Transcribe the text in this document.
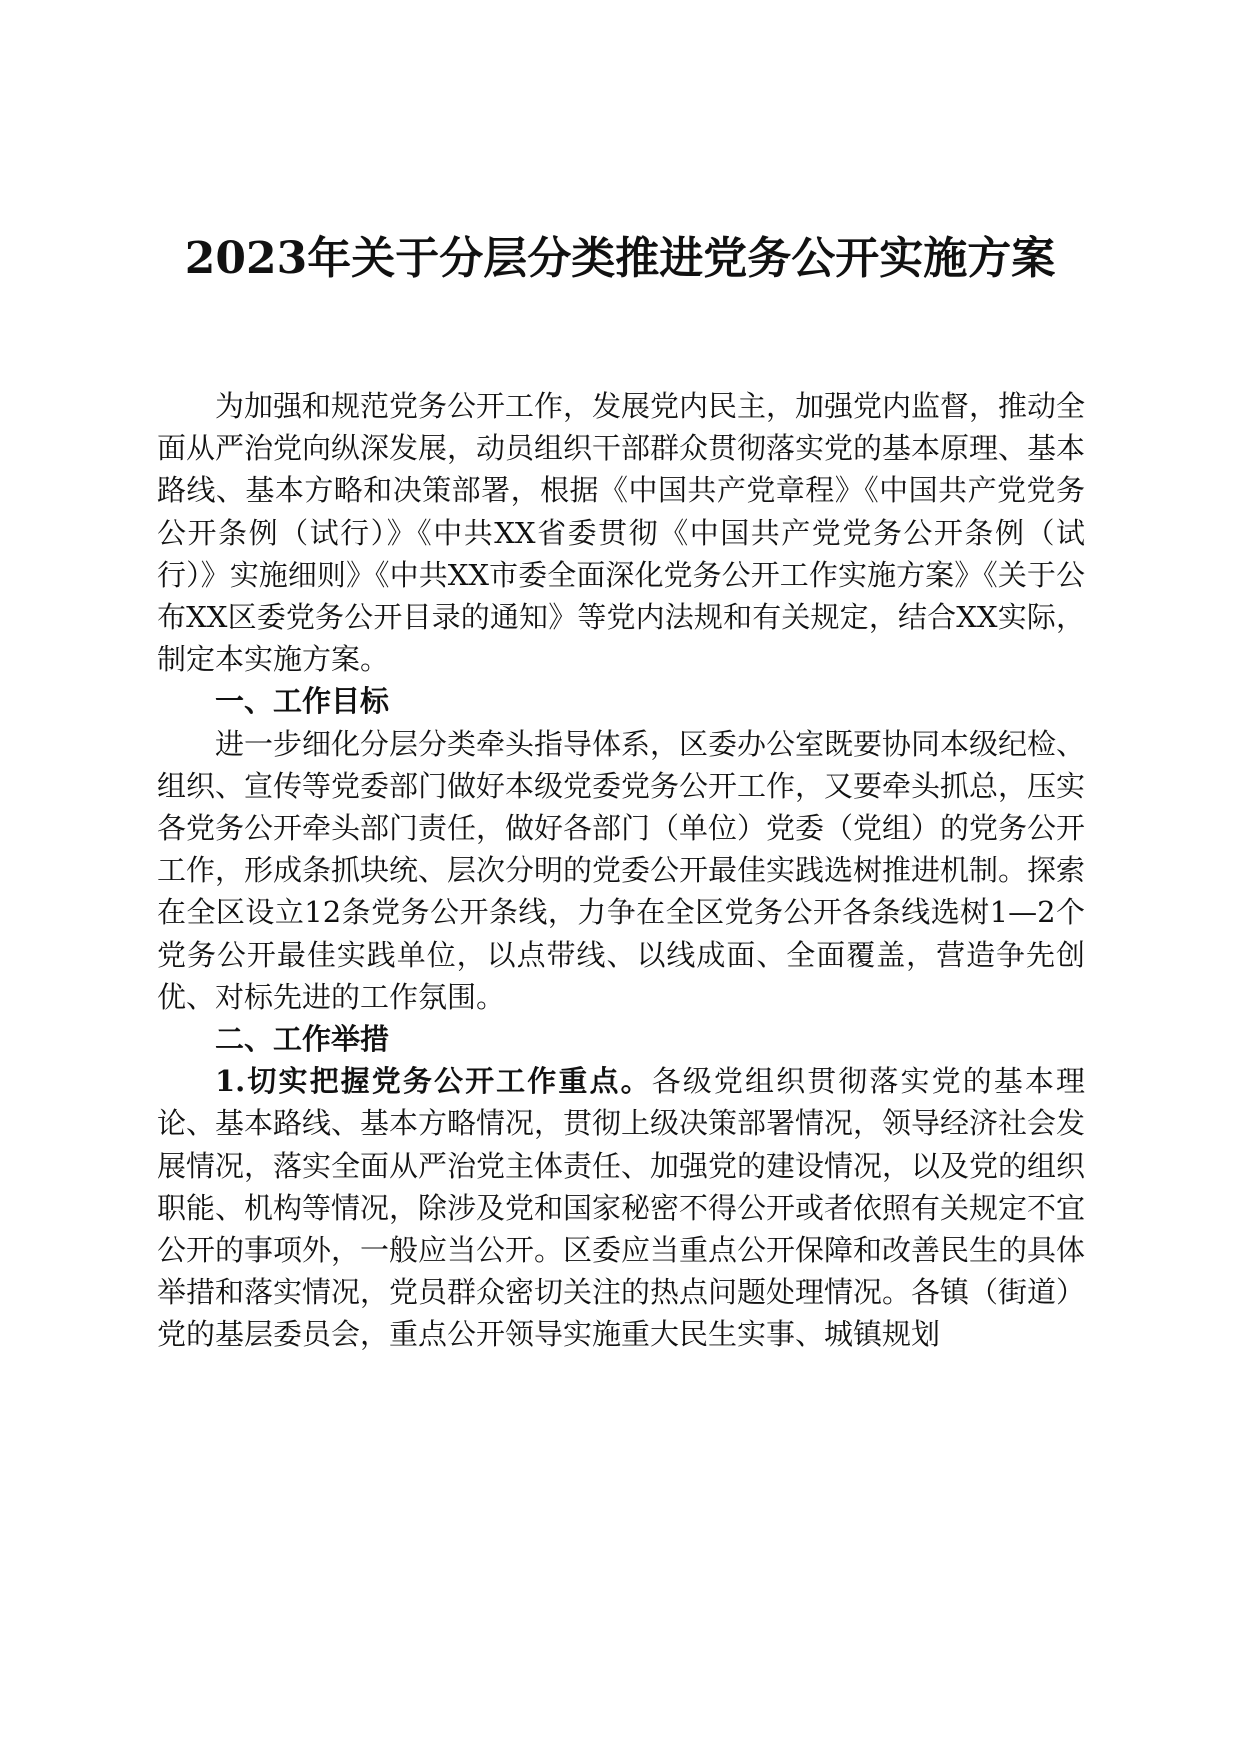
2023年关于分层分类推进党务公开实施方案

为加强和规范党务公开工作，发展党内民主，加强党内监督，推动全面从严治党向纵深发展，动员组织干部群众贯彻落实党的基本原理、基本路线、基本方略和决策部署，根据《中国共产党章程》《中国共产党党务公开条例（试行）》《中共XX省委贯彻《中国共产党党务公开条例（试行）》实施细则》《中共XX市委全面深化党务公开工作实施方案》《关于公布XX区委党务公开目录的通知》等党内法规和有关规定，结合XX实际，制定本实施方案。

一、工作目标

进一步细化分层分类牵头指导体系，区委办公室既要协同本级纪检、组织、宣传等党委部门做好本级党委党务公开工作，又要牵头抓总，压实各党务公开牵头部门责任，做好各部门（单位）党委（党组）的党务公开工作，形成条抓块统、层次分明的党委公开最佳实践选树推进机制。探索在全区设立12条党务公开条线，力争在全区党务公开各条线选树1—2个党务公开最佳实践单位，以点带线、以线成面、全面覆盖，营造争先创优、对标先进的工作氛围。

二、工作举措

1.切实把握党务公开工作重点。各级党组织贯彻落实党的基本理论、基本路线、基本方略情况，贯彻上级决策部署情况，领导经济社会发展情况，落实全面从严治党主体责任、加强党的建设情况，以及党的组织职能、机构等情况，除涉及党和国家秘密不得公开或者依照有关规定不宜公开的事项外，一般应当公开。区委应当重点公开保障和改善民生的具体举措和落实情况，党员群众密切关注的热点问题处理情况。各镇（街道）党的基层委员会，重点公开领导实施重大民生实事、城镇规划
